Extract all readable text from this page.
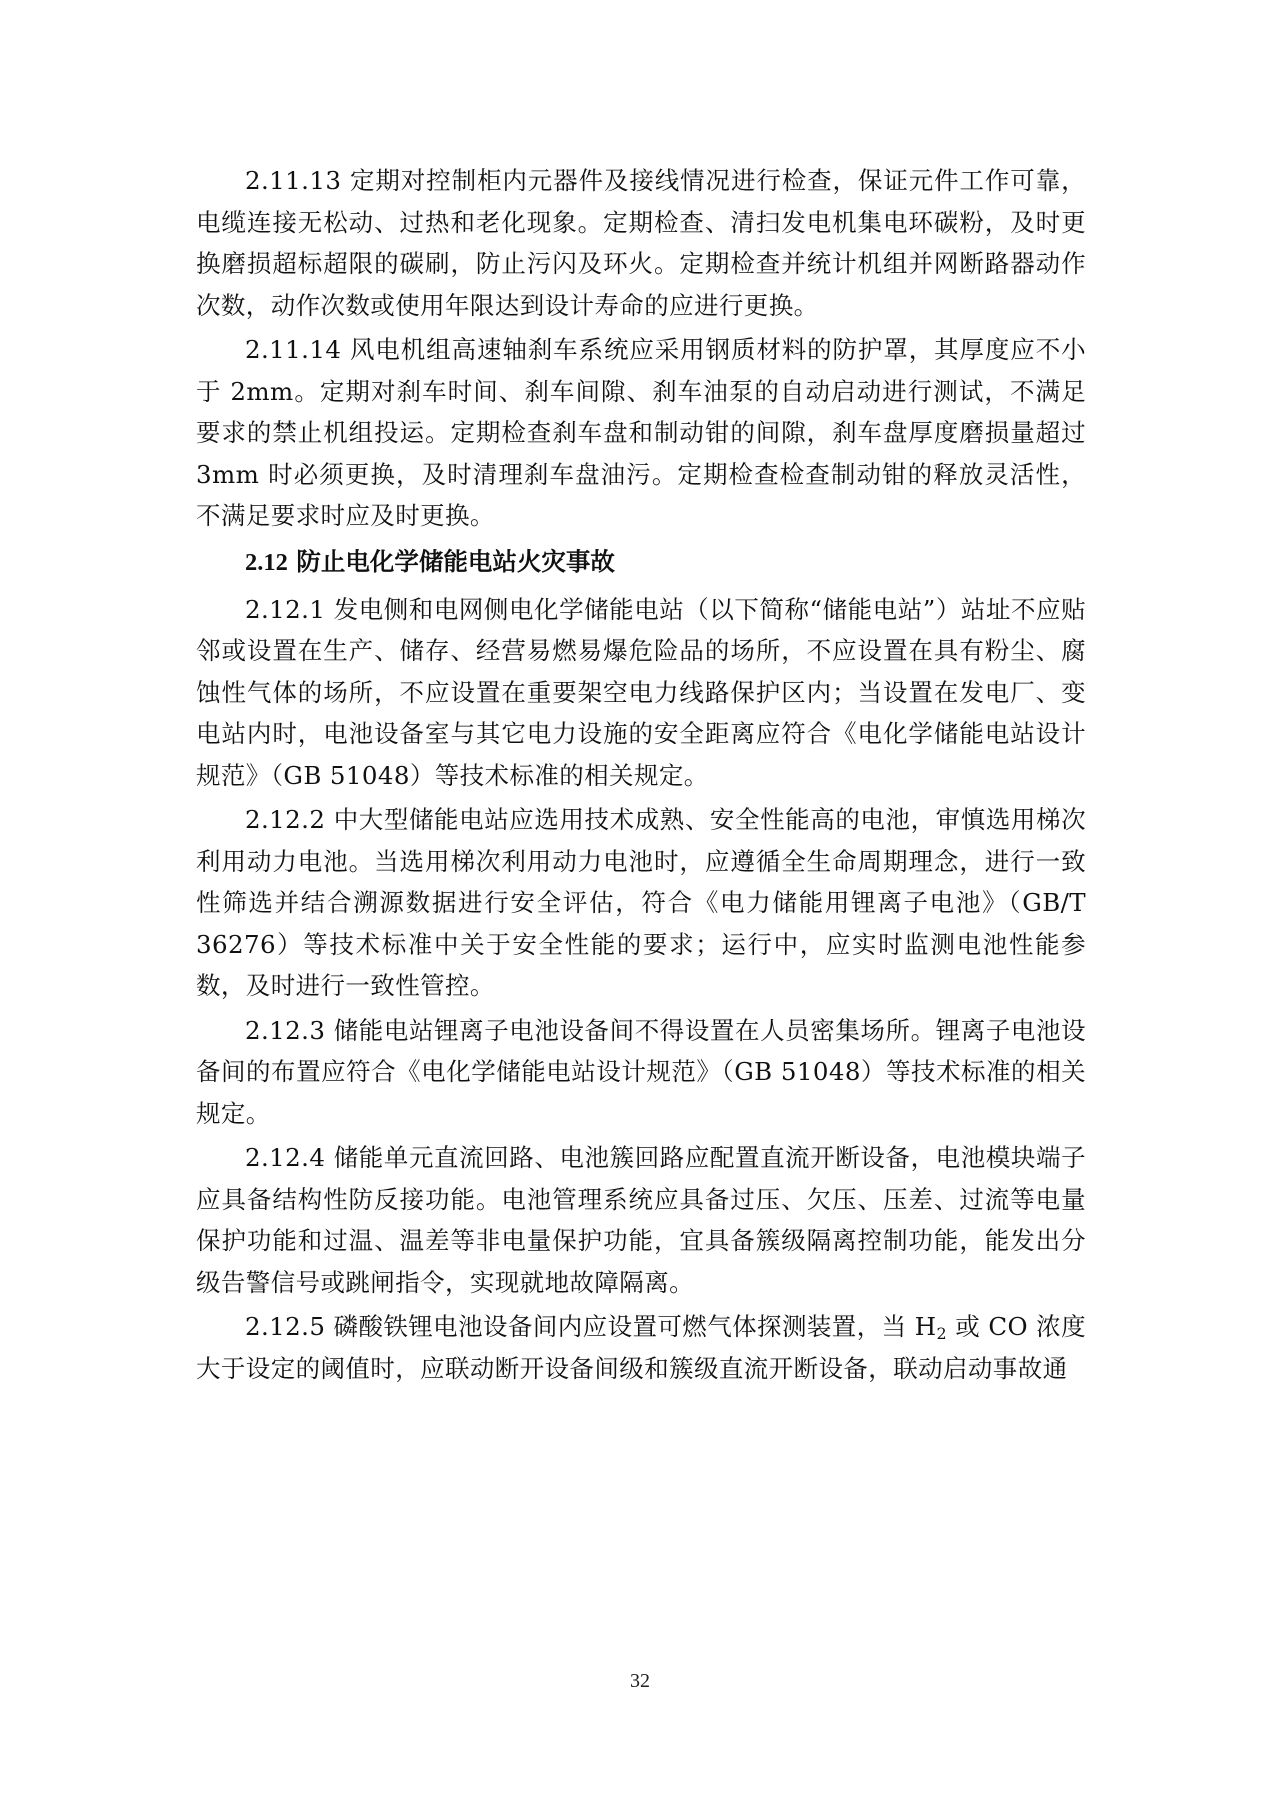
2.11.13 定期对控制柜内元器件及接线情况进行检查，保证元件工作可靠，电缆连接无松动、过热和老化现象。定期检查、清扫发电机集电环碳粉，及时更换磨损超标超限的碳刷，防止污闪及环火。定期检查并统计机组并网断路器动作次数，动作次数或使用年限达到设计寿命的应进行更换。

2.11.14 风电机组高速轴刹车系统应采用钢质材料的防护罩，其厚度应不小于 2mm。定期对刹车时间、刹车间隙、刹车油泵的自动启动进行测试，不满足要求的禁止机组投运。定期检查刹车盘和制动钳的间隙，刹车盘厚度磨损量超过 3mm 时必须更换，及时清理刹车盘油污。定期检查检查制动钳的释放灵活性，不满足要求时应及时更换。

2.12 防止电化学储能电站火灾事故

2.12.1 发电侧和电网侧电化学储能电站（以下简称“储能电站”）站址不应贴邻或设置在生产、储存、经营易燃易爆危险品的场所，不应设置在具有粉尘、腐蚀性气体的场所，不应设置在重要架空电力线路保护区内；当设置在发电厂、变电站内时，电池设备室与其它电力设施的安全距离应符合《电化学储能电站设计规范》（GB 51048）等技术标准的相关规定。

2.12.2 中大型储能电站应选用技术成熟、安全性能高的电池，审慎选用梯次利用动力电池。当选用梯次利用动力电池时，应遵循全生命周期理念，进行一致性筛选并结合溯源数据进行安全评估，符合《电力储能用锂离子电池》（GB/T 36276）等技术标准中关于安全性能的要求；运行中，应实时监测电池性能参数，及时进行一致性管控。

2.12.3 储能电站锂离子电池设备间不得设置在人员密集场所。锂离子电池设备间的布置应符合《电化学储能电站设计规范》（GB 51048）等技术标准的相关规定。

2.12.4 储能单元直流回路、电池簇回路应配置直流开断设备，电池模块端子应具备结构性防反接功能。电池管理系统应具备过压、欠压、压差、过流等电量保护功能和过温、温差等非电量保护功能，宜具备簇级隔离控制功能，能发出分级告警信号或跳闸指令，实现就地故障隔离。

2.12.5 磷酸铁锂电池设备间内应设置可燃气体探测装置，当 $H_2$ 或 CO 浓度大于设定的阈值时，应联动断开设备间级和簇级直流开断设备，联动启动事故通

32
